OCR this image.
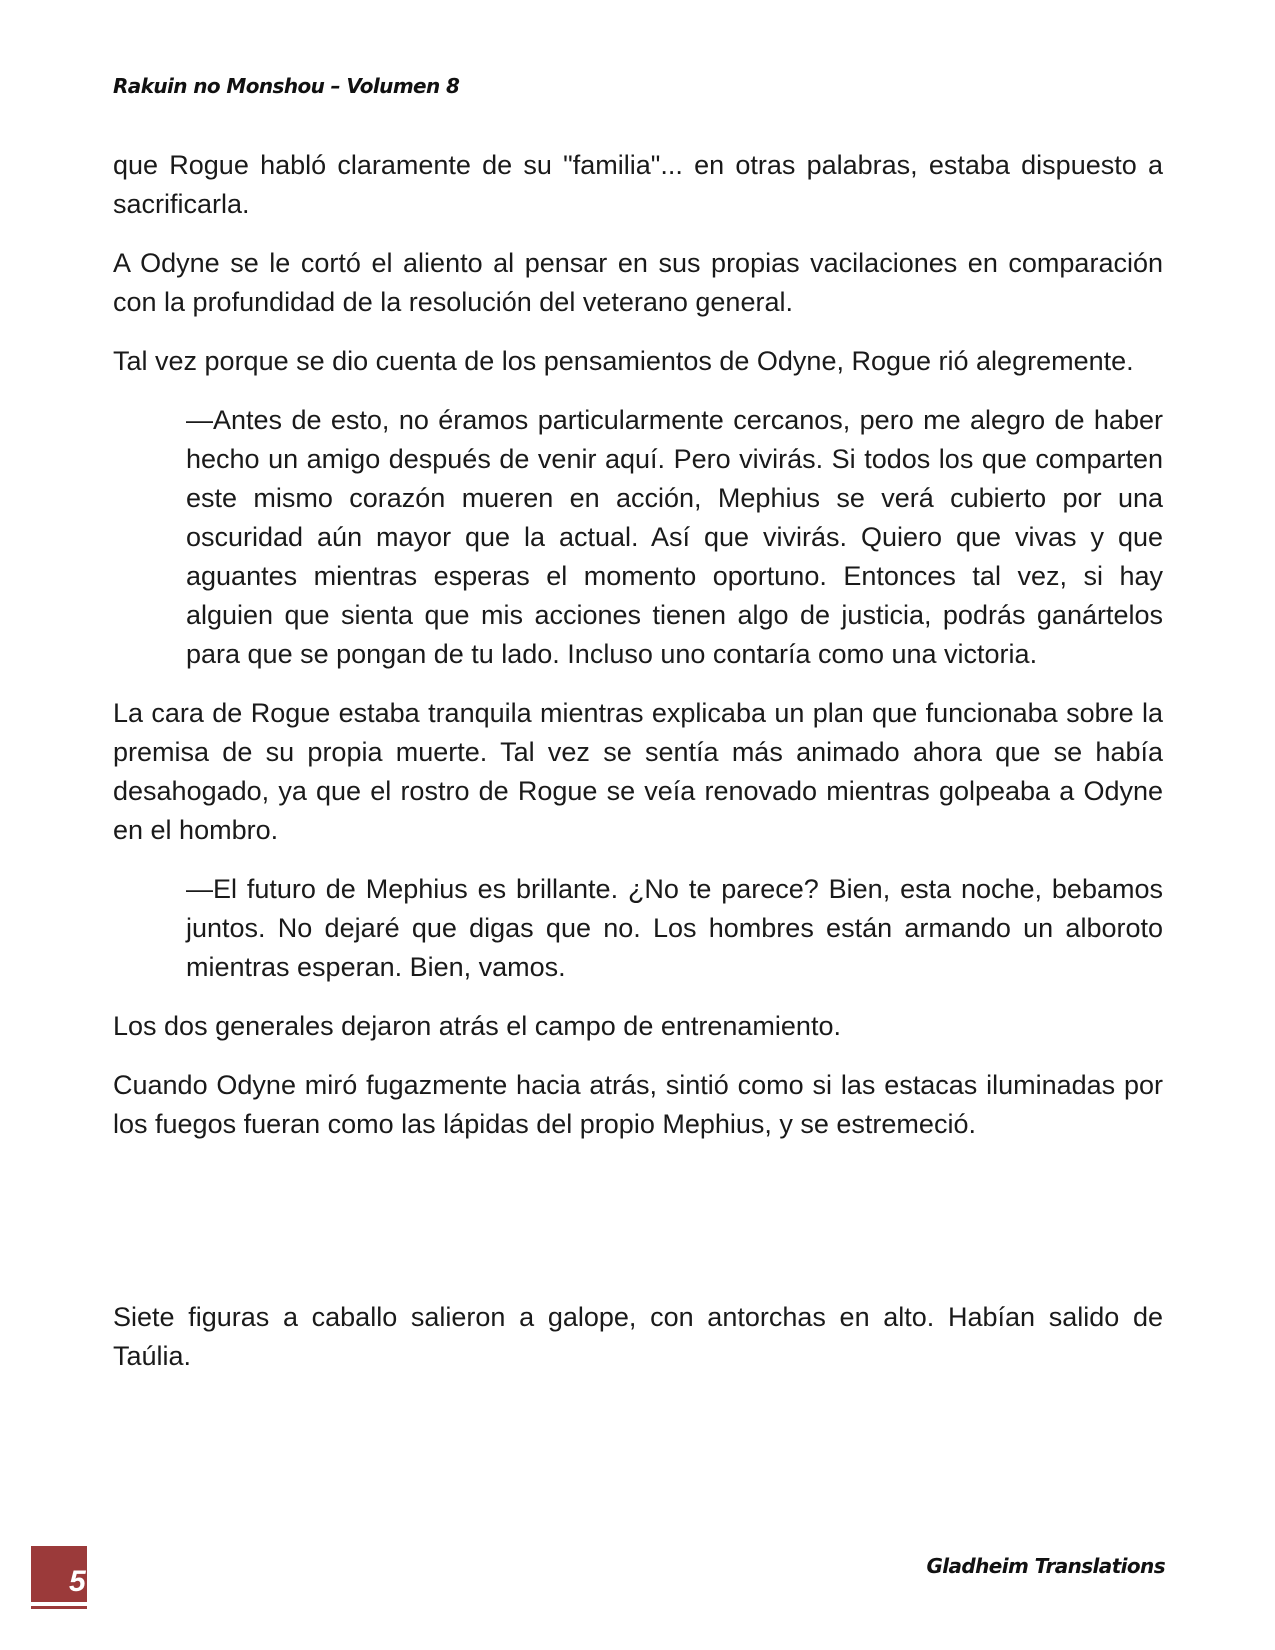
Rakuin no Monshou – Volumen 8

que Rogue habló claramente de su "familia"... en otras palabras, estaba dispuesto a sacrificarla.

A Odyne se le cortó el aliento al pensar en sus propias vacilaciones en comparación con la profundidad de la resolución del veterano general.

Tal vez porque se dio cuenta de los pensamientos de Odyne, Rogue rió alegremente.

—Antes de esto, no éramos particularmente cercanos, pero me alegro de haber hecho un amigo después de venir aquí. Pero vivirás. Si todos los que comparten este mismo corazón mueren en acción, Mephius se verá cubierto por una oscuridad aún mayor que la actual. Así que vivirás. Quiero que vivas y que aguantes mientras esperas el momento oportuno. Entonces tal vez, si hay alguien que sienta que mis acciones tienen algo de justicia, podrás ganártelos para que se pongan de tu lado. Incluso uno contaría como una victoria.

La cara de Rogue estaba tranquila mientras explicaba un plan que funcionaba sobre la premisa de su propia muerte. Tal vez se sentía más animado ahora que se había desahogado, ya que el rostro de Rogue se veía renovado mientras golpeaba a Odyne en el hombro.

—El futuro de Mephius es brillante. ¿No te parece? Bien, esta noche, bebamos juntos. No dejaré que digas que no. Los hombres están armando un alboroto mientras esperan. Bien, vamos.

Los dos generales dejaron atrás el campo de entrenamiento.

Cuando Odyne miró fugazmente hacia atrás, sintió como si las estacas iluminadas por los fuegos fueran como las lápidas del propio Mephius, y se estremeció.

Siete figuras a caballo salieron a galope, con antorchas en alto. Habían salido de Taúlia.

5	Gladheim Translations
